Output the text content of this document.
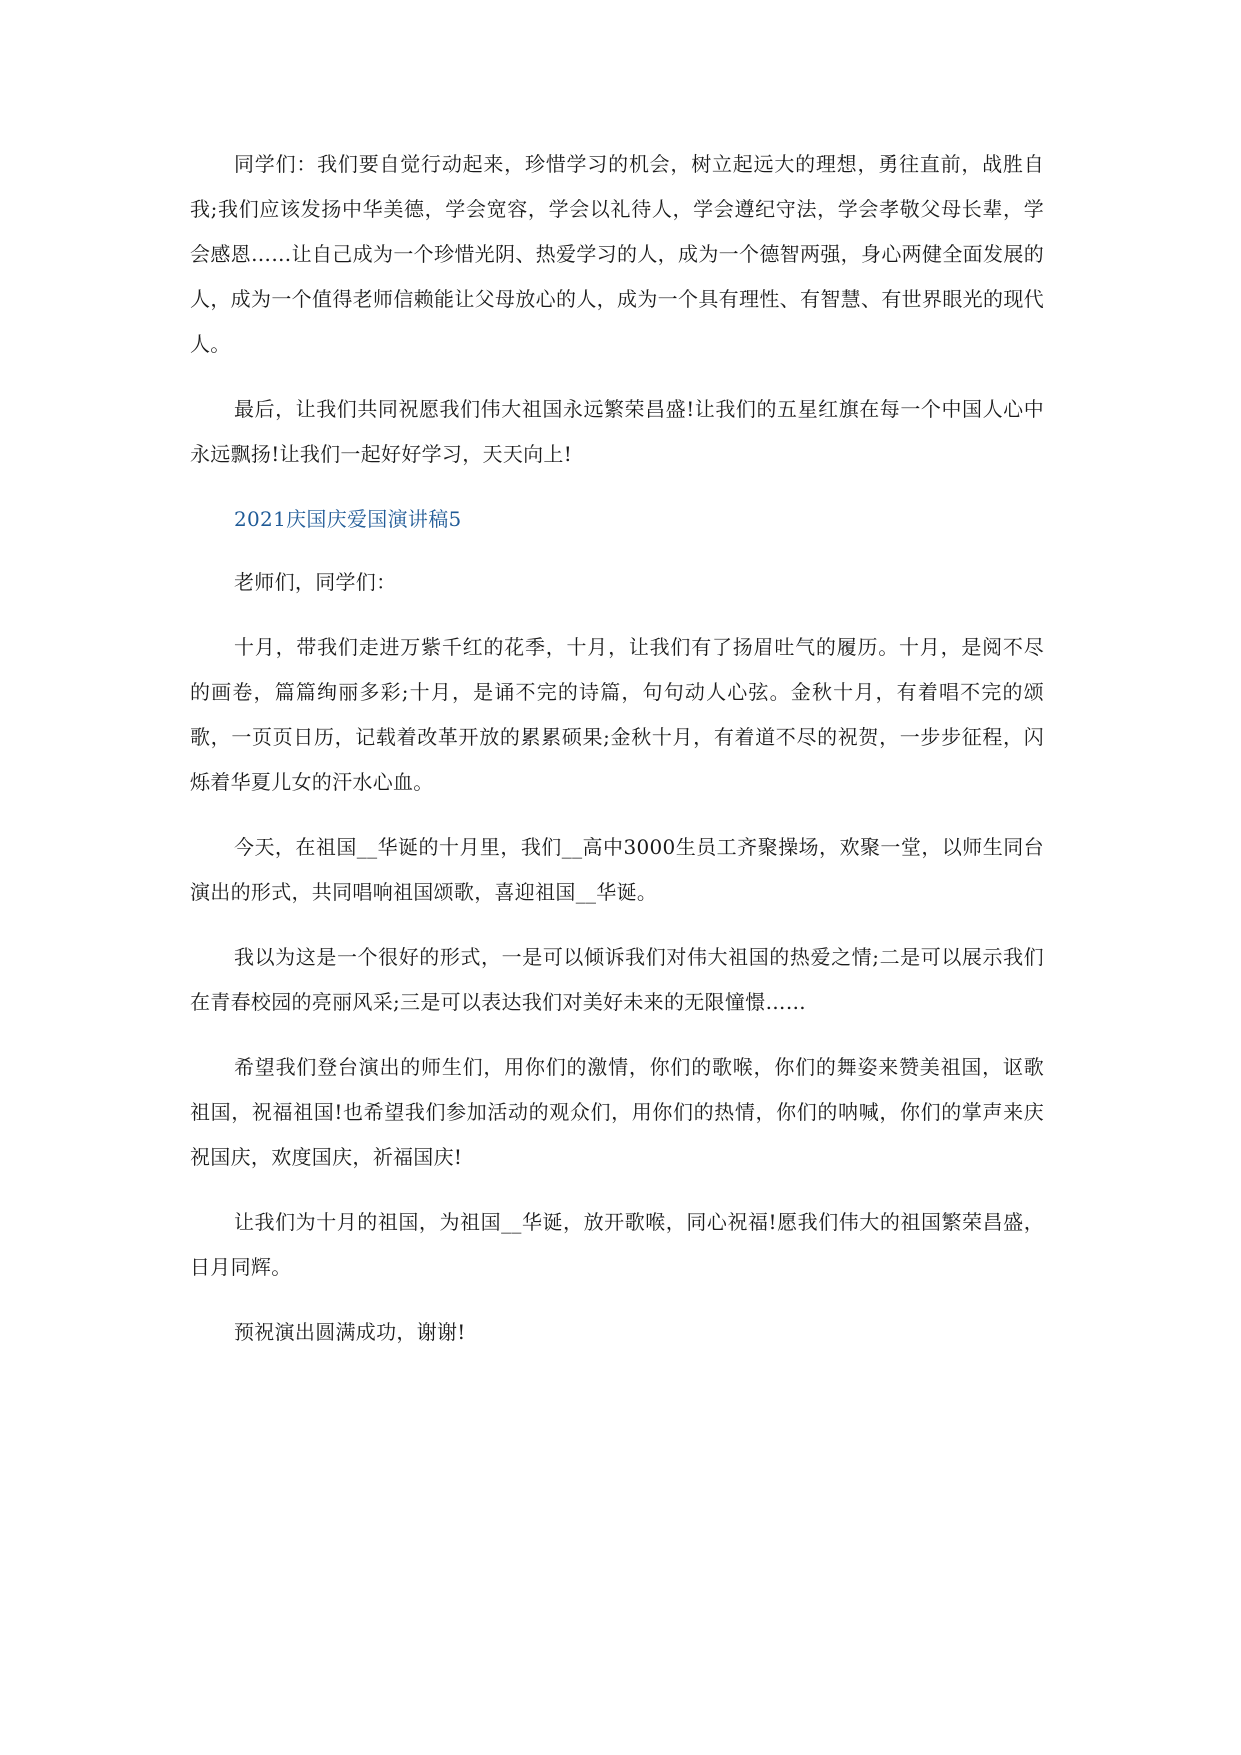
同学们：我们要自觉行动起来，珍惜学习的机会，树立起远大的理想，勇往直前，战胜自我;我们应该发扬中华美德，学会宽容，学会以礼待人，学会遵纪守法，学会孝敬父母长辈，学会感恩……让自己成为一个珍惜光阴、热爱学习的人，成为一个德智两强，身心两健全面发展的人，成为一个值得老师信赖能让父母放心的人，成为一个具有理性、有智慧、有世界眼光的现代人。

最后，让我们共同祝愿我们伟大祖国永远繁荣昌盛!让我们的五星红旗在每一个中国人心中永远飘扬!让我们一起好好学习，天天向上!

2021庆国庆爱国演讲稿5

老师们，同学们：

十月，带我们走进万紫千红的花季，十月，让我们有了扬眉吐气的履历。十月，是阅不尽的画卷，篇篇绚丽多彩;十月，是诵不完的诗篇，句句动人心弦。金秋十月，有着唱不完的颂歌，一页页日历，记载着改革开放的累累硕果;金秋十月，有着道不尽的祝贺，一步步征程，闪烁着华夏儿女的汗水心血。

今天，在祖国__华诞的十月里，我们__高中3000生员工齐聚操场，欢聚一堂，以师生同台演出的形式，共同唱响祖国颂歌，喜迎祖国__华诞。

我以为这是一个很好的形式，一是可以倾诉我们对伟大祖国的热爱之情;二是可以展示我们在青春校园的亮丽风采;三是可以表达我们对美好未来的无限憧憬……

希望我们登台演出的师生们，用你们的激情，你们的歌喉，你们的舞姿来赞美祖国，讴歌祖国，祝福祖国!也希望我们参加活动的观众们，用你们的热情，你们的呐喊，你们的掌声来庆祝国庆，欢度国庆，祈福国庆!

让我们为十月的祖国，为祖国__华诞，放开歌喉，同心祝福!愿我们伟大的祖国繁荣昌盛，日月同辉。

预祝演出圆满成功，谢谢!
